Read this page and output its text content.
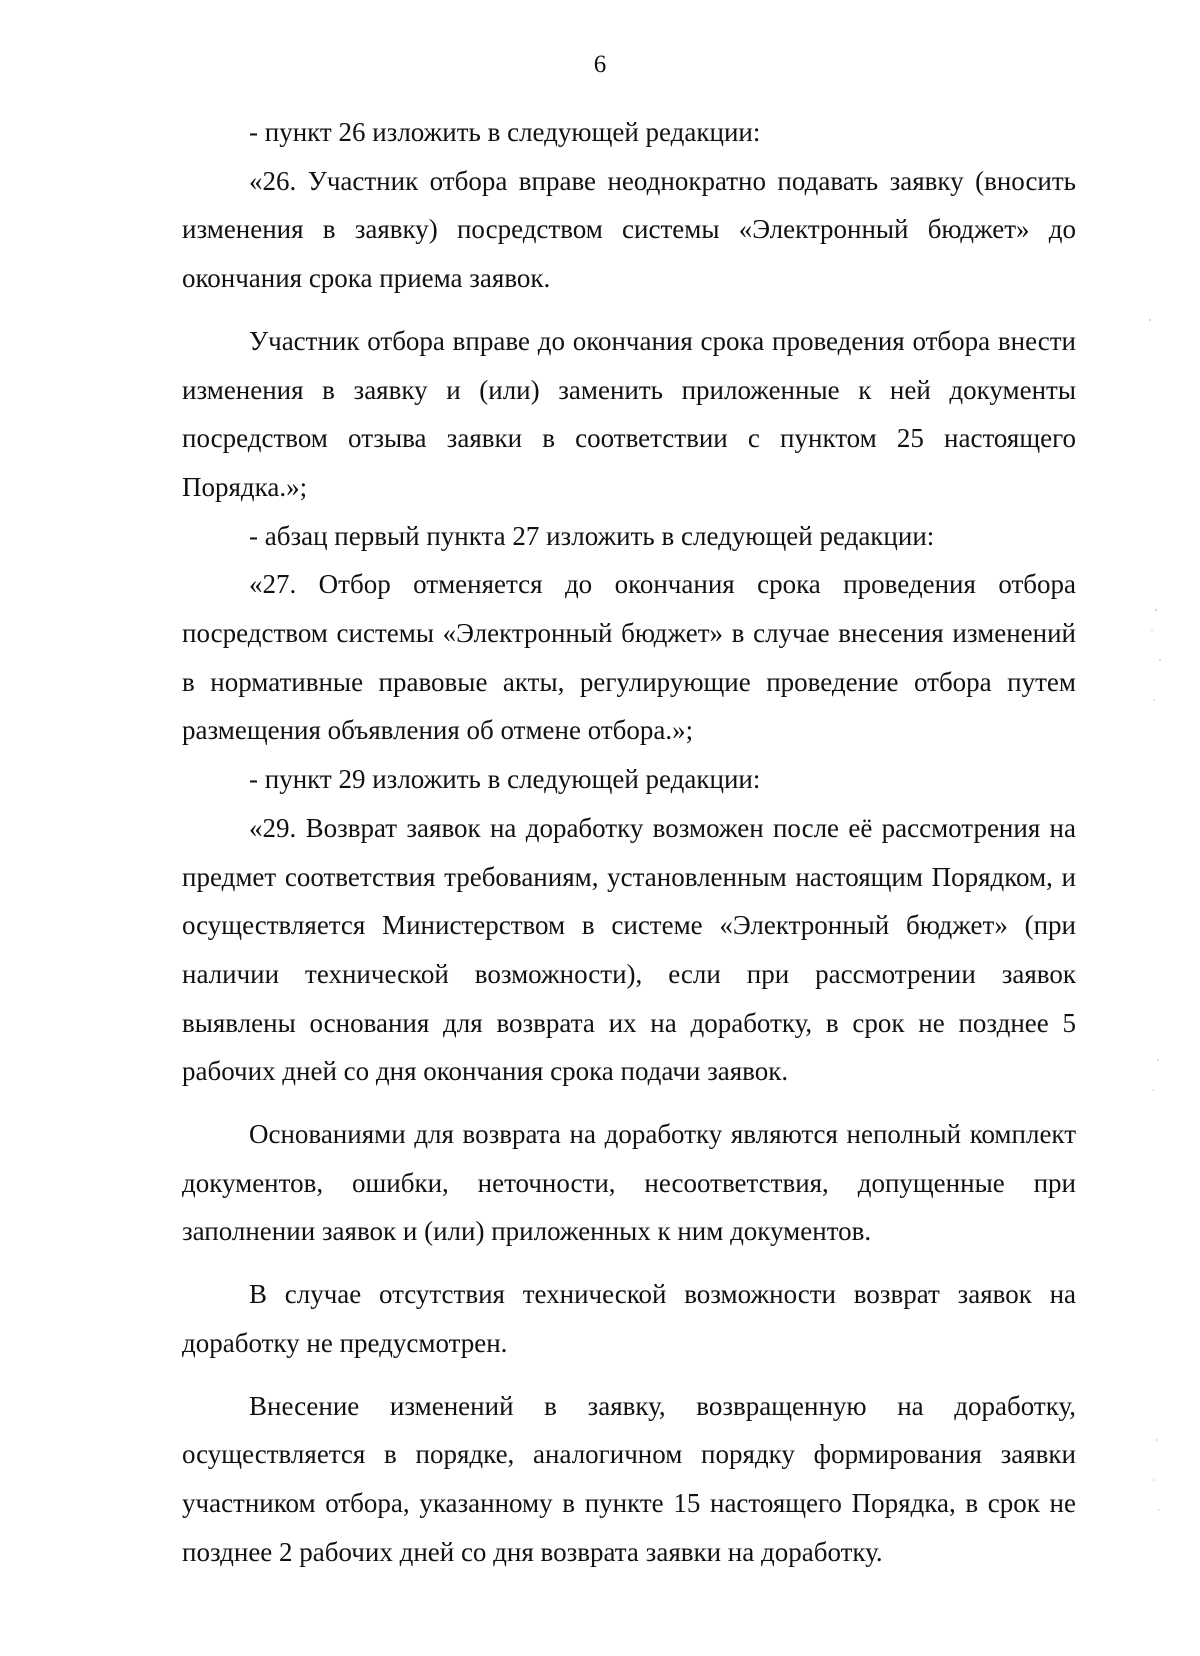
6

- пункт 26 изложить в следующей редакции:

«26. Участник отбора вправе неоднократно подавать заявку (вносить изменения в заявку) посредством системы «Электронный бюджет» до окончания срока приема заявок.

Участник отбора вправе до окончания срока проведения отбора внести изменения в заявку и (или) заменить приложенные к ней документы посредством отзыва заявки в соответствии с пунктом 25 настоящего Порядка.»;

- абзац первый пункта 27 изложить в следующей редакции:

«27. Отбор отменяется до окончания срока проведения отбора посредством системы «Электронный бюджет» в случае внесения изменений в нормативные правовые акты, регулирующие проведение отбора путем размещения объявления об отмене отбора.»;

- пункт 29 изложить в следующей редакции:

«29. Возврат заявок на доработку возможен после её рассмотрения на предмет соответствия требованиям, установленным настоящим Порядком, и осуществляется Министерством в системе «Электронный бюджет» (при наличии технической возможности), если при рассмотрении заявок выявлены основания для возврата их на доработку, в срок не позднее 5 рабочих дней со дня окончания срока подачи заявок.

Основаниями для возврата на доработку являются неполный комплект документов, ошибки, неточности, несоответствия, допущенные при заполнении заявок и (или) приложенных к ним документов.

В случае отсутствия технической возможности возврат заявок на доработку не предусмотрен.

Внесение изменений в заявку, возвращенную на доработку, осуществляется в порядке, аналогичном порядку формирования заявки участником отбора, указанному в пункте 15 настоящего Порядка, в срок не позднее 2 рабочих дней со дня возврата заявки на доработку.
